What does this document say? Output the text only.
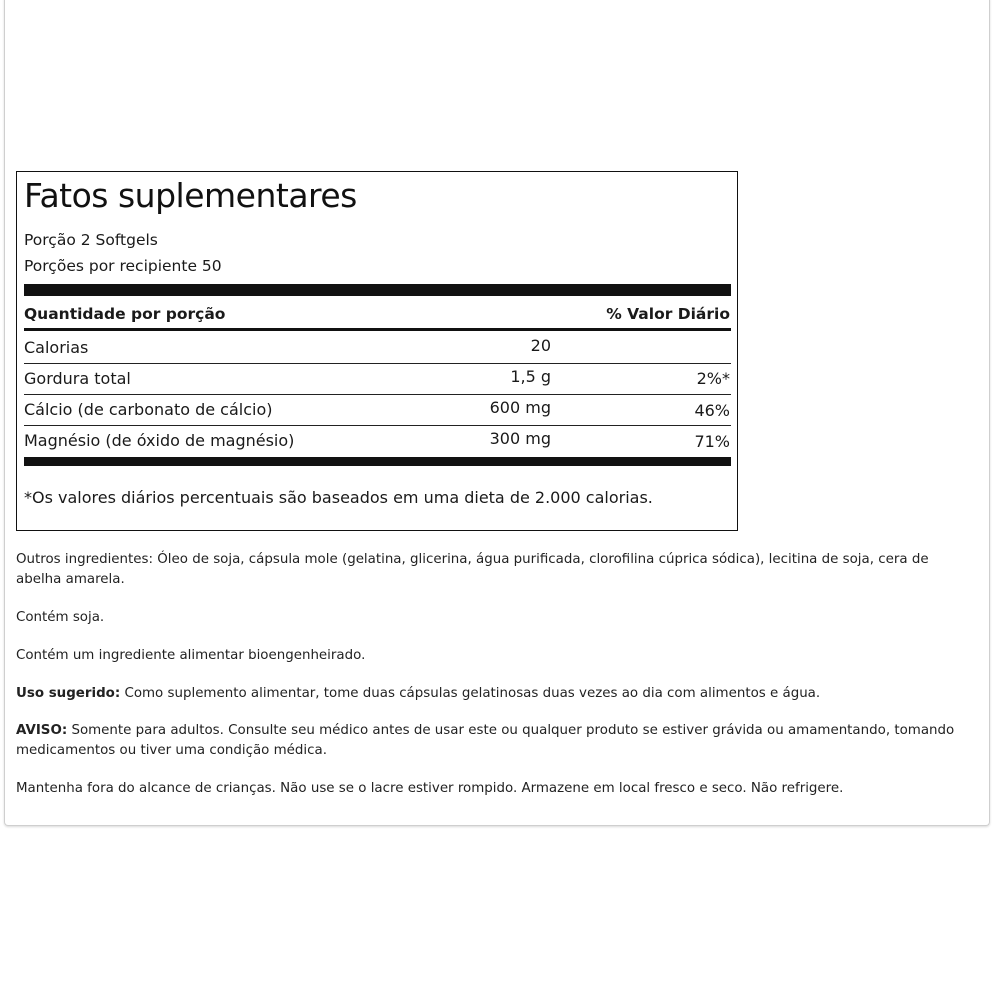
Fatos suplementares
Porção 2 Softgels
Porções por recipiente 50
Quantidade por porção	% Valor Diário
Calorias	20
Gordura total	1,5 g	2%*
Cálcio (de carbonato de cálcio)	600 mg	46%
Magnésio (de óxido de magnésio)	300 mg	71%
*Os valores diários percentuais são baseados em uma dieta de 2.000 calorias.
Outros ingredientes: Óleo de soja, cápsula mole (gelatina, glicerina, água purificada, clorofilina cúprica sódica), lecitina de soja, cera de abelha amarela.
Contém soja.
Contém um ingrediente alimentar bioengenheirado.
Uso sugerido: Como suplemento alimentar, tome duas cápsulas gelatinosas duas vezes ao dia com alimentos e água.
AVISO: Somente para adultos. Consulte seu médico antes de usar este ou qualquer produto se estiver grávida ou amamentando, tomando medicamentos ou tiver uma condição médica.
Mantenha fora do alcance de crianças. Não use se o lacre estiver rompido. Armazene em local fresco e seco. Não refrigere.
